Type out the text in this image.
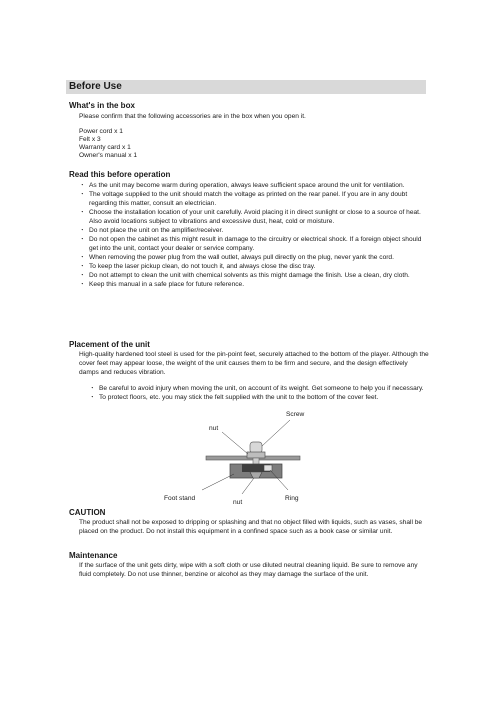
Before Use
What's in the box
Please confirm that the following accessories are in the box when you open it.
Power cord x 1
Felt x 3
Warranty card x 1
Owner's manual x 1
Read this before operation
・ As the unit may become warm during operation, always leave sufficient space around the unit for ventilation.
・ The voltage supplied to the unit should match the voltage as printed on the rear panel. If you are in any doubt regarding this matter, consult an electrician.
・ Choose the installation location of your unit carefully. Avoid placing it in direct sunlight or close to a source of heat. Also avoid locations subject to vibrations and excessive dust, heat, cold or moisture.
・ Do not place the unit on the amplifier/receiver.
・ Do not open the cabinet as this might result in damage to the circuitry or electrical shock. If a foreign object should get into the unit, contact your dealer or service company.
・ When removing the power plug from the wall outlet, always pull directly on the plug, never yank the cord.
・ To keep the laser pickup clean, do not touch it, and always close the disc tray.
・ Do not attempt to clean the unit with chemical solvents as this might damage the finish. Use a clean, dry cloth.
・ Keep this manual in a safe place for future reference.
Placement of the unit
High-quality hardened tool steel is used for the pin-point feet, securely attached to the bottom of the player. Although the cover feet may appear loose, the weight of the unit causes them to be firm and secure, and the design effectively damps and reduces vibration.
・ Be careful to avoid injury when moving the unit, on account of its weight. Get someone to help you if necessary.
・ To protect floors, etc. you may stick the felt supplied with the unit to the bottom of the cover feet.
nut
Screw
Foot stand
nut
Ring
CAUTION
The product shall not be exposed to dripping or splashing and that no object filled with liquids, such as vases, shall be placed on the product. Do not install this equipment in a confined space such as a book case or similar unit.
Maintenance
If the surface of the unit gets dirty, wipe with a soft cloth or use diluted neutral cleaning liquid. Be sure to remove any fluid completely. Do not use thinner, benzine or alcohol as they may damage the surface of the unit.
